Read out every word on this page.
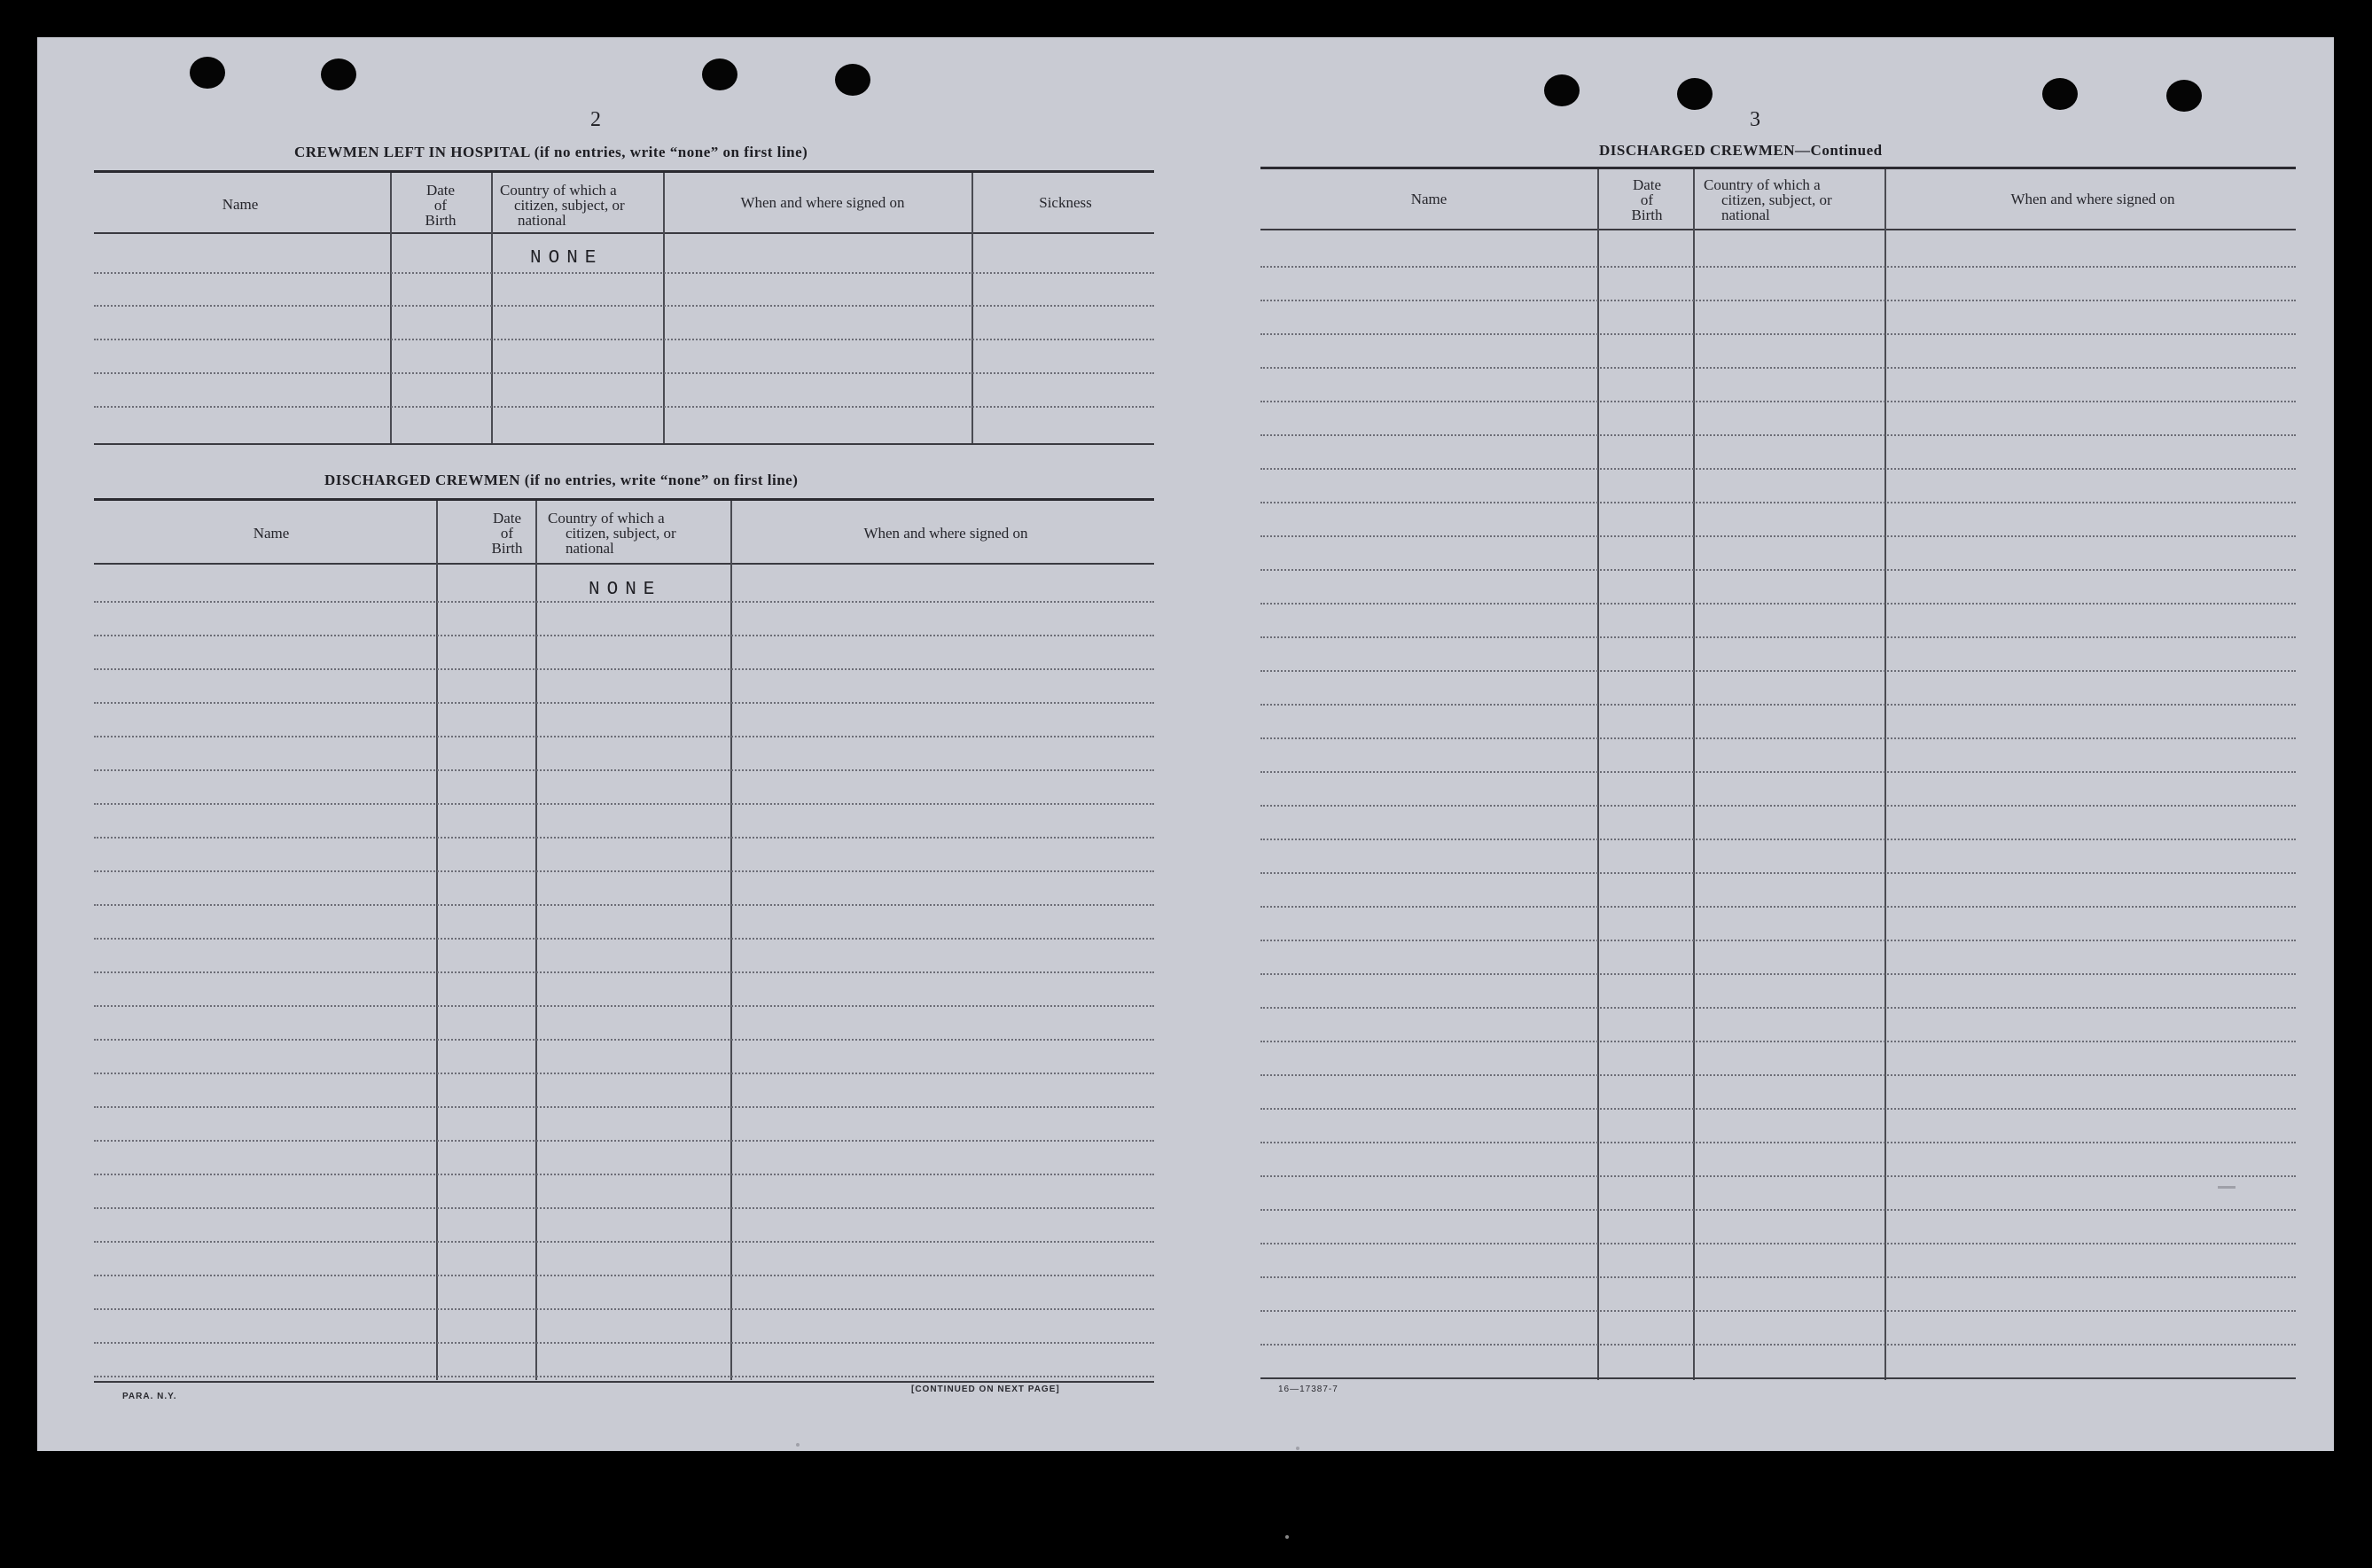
2
CREWMEN LEFT IN HOSPITAL (if no entries, write “none” on first line)
Name
Date
of
Birth
Country of which a
citizen, subject, or
national
When and where signed on	Sickness
NONE
DISCHARGED CREWMEN (if no entries, write “none” on first line)
Name
Date
of
Birth
Country of which a
citizen, subject, or
national
When and where signed on
NONE
PARA. N.Y.
[CONTINUED ON NEXT PAGE]
3
DISCHARGED CREWMEN—Continued
Name
Date
of
Birth
Country of which a
citizen, subject, or
national
When and where signed on
16—17387-7
